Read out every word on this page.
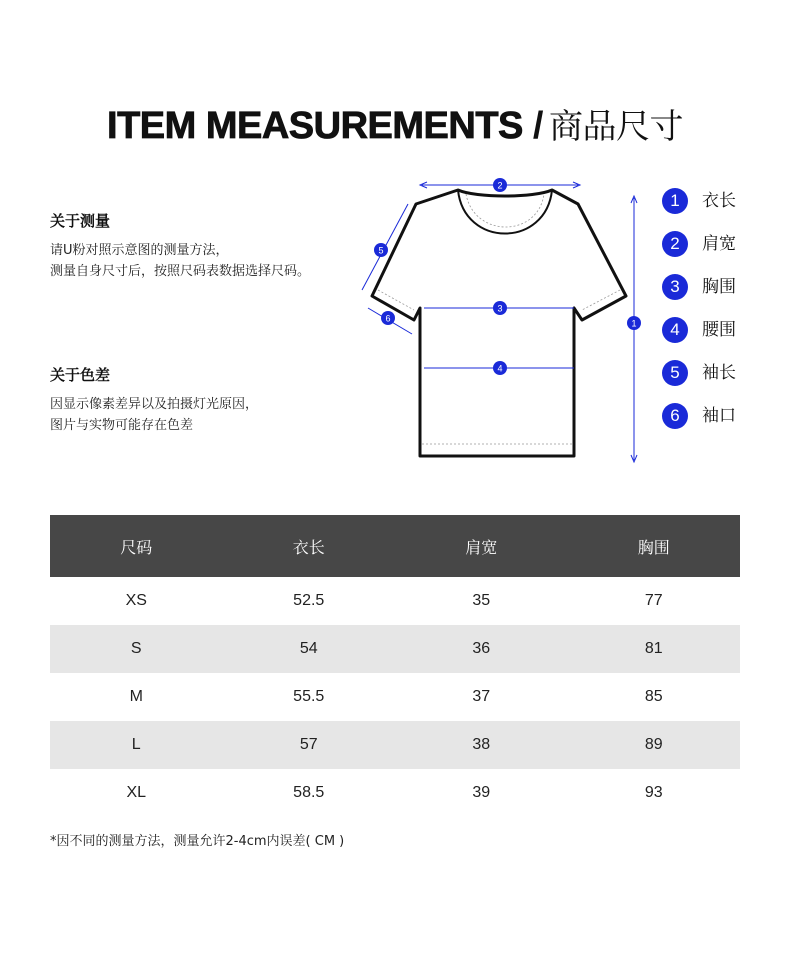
ITEM MEASUREMENTS / 商品尺寸
关于测量
请U粉对照示意图的测量方法，
测量自身尺寸后，按照尺码表数据选择尺码。
关于色差
因显示像素差异以及拍摄灯光原因，
图片与实物可能存在色差
1
2
3
4
5
6
1	衣长
2	肩宽
3	胸围
4	腰围
5	袖长
6	袖口
尺码	衣长	肩宽	胸围
XS	52.5	35	77
S	54	36	81
M	55.5	37	85
L	57	38	89
XL	58.5	39	93
*因不同的测量方法，测量允许2-4cm内误差( CM )
